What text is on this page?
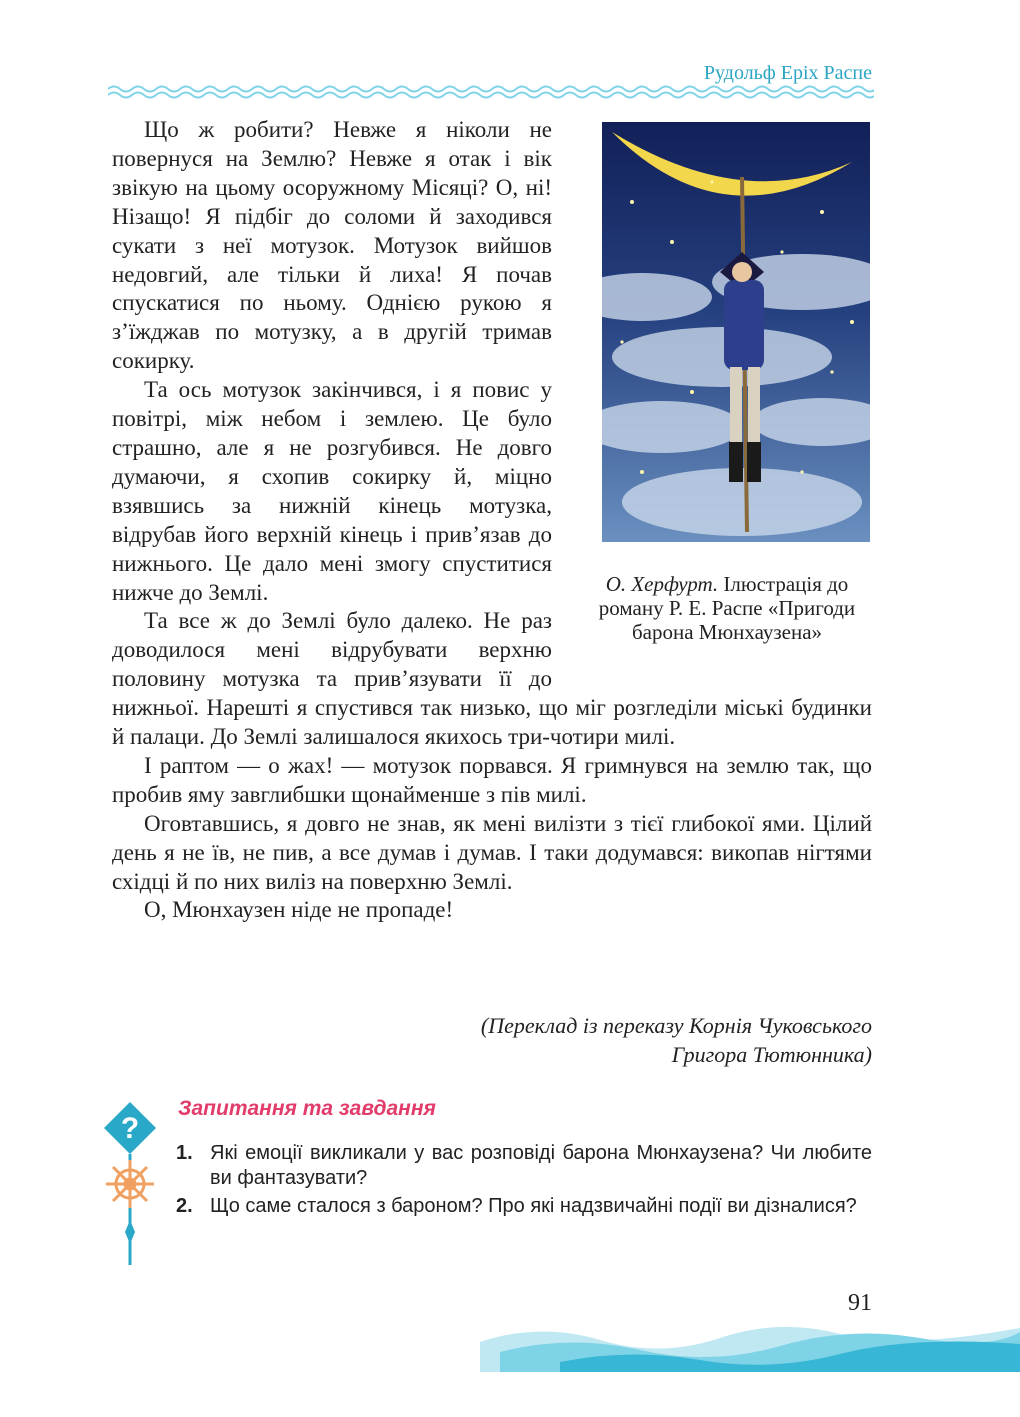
Рудольф Еріх Распе
О. Херфурт. Ілюстрація до роману Р. Е. Распе «Пригоди барона Мюнхаузена»

Що ж робити? Невже я ніколи не повернуся на Землю? Невже я отак і вік звікую на цьому осоружному Місяці? О, ні! Нізащо! Я підбіг до соломи й заходився сукати з неї мотузок. Мотузок вийшов недовгий, але тільки й лиха! Я почав спускатися по ньому. Однією рукою я з’їжджав по мотузку, а в другій тримав сокирку.

Та ось мотузок закінчився, і я повис у повітрі, між небом і землею. Це було страшно, але я не розгубився. Не довго думаючи, я схопив сокирку й, міцно взявшись за нижній кінець мотузка, відрубав його верхній кінець і прив’язав до нижнього. Це дало мені змогу спуститися нижче до Землі.

Та все ж до Землі було далеко. Не раз доводилося мені відрубувати верхню половину мотузка та прив’язувати її до нижньої. Нарешті я спустився так низько, що міг розгледіли міські будинки й палаци. До Землі залишалося якихось три-чотири милі.

І раптом — о жах! — мотузок порвався. Я гримнувся на землю так, що пробив яму завглибшки щонайменше з пів милі.

Оговтавшись, я довго не знав, як мені вилізти з тієї глибокої ями. Цілий день я не їв, не пив, а все думав і думав. І таки додумався: викопав нігтями східці й по них виліз на поверхню Землі.

О, Мюнхаузен ніде не пропаде!

(Переклад із переказу Корнія Чуковського
Григора Тютюнника)
?
Запитання та завдання
1. Які емоції викликали у вас розповіді барона Мюнхаузена? Чи любите ви фантазувати?
2. Що саме сталося з бароном? Про які надзвичайні події ви дізналися?
91
